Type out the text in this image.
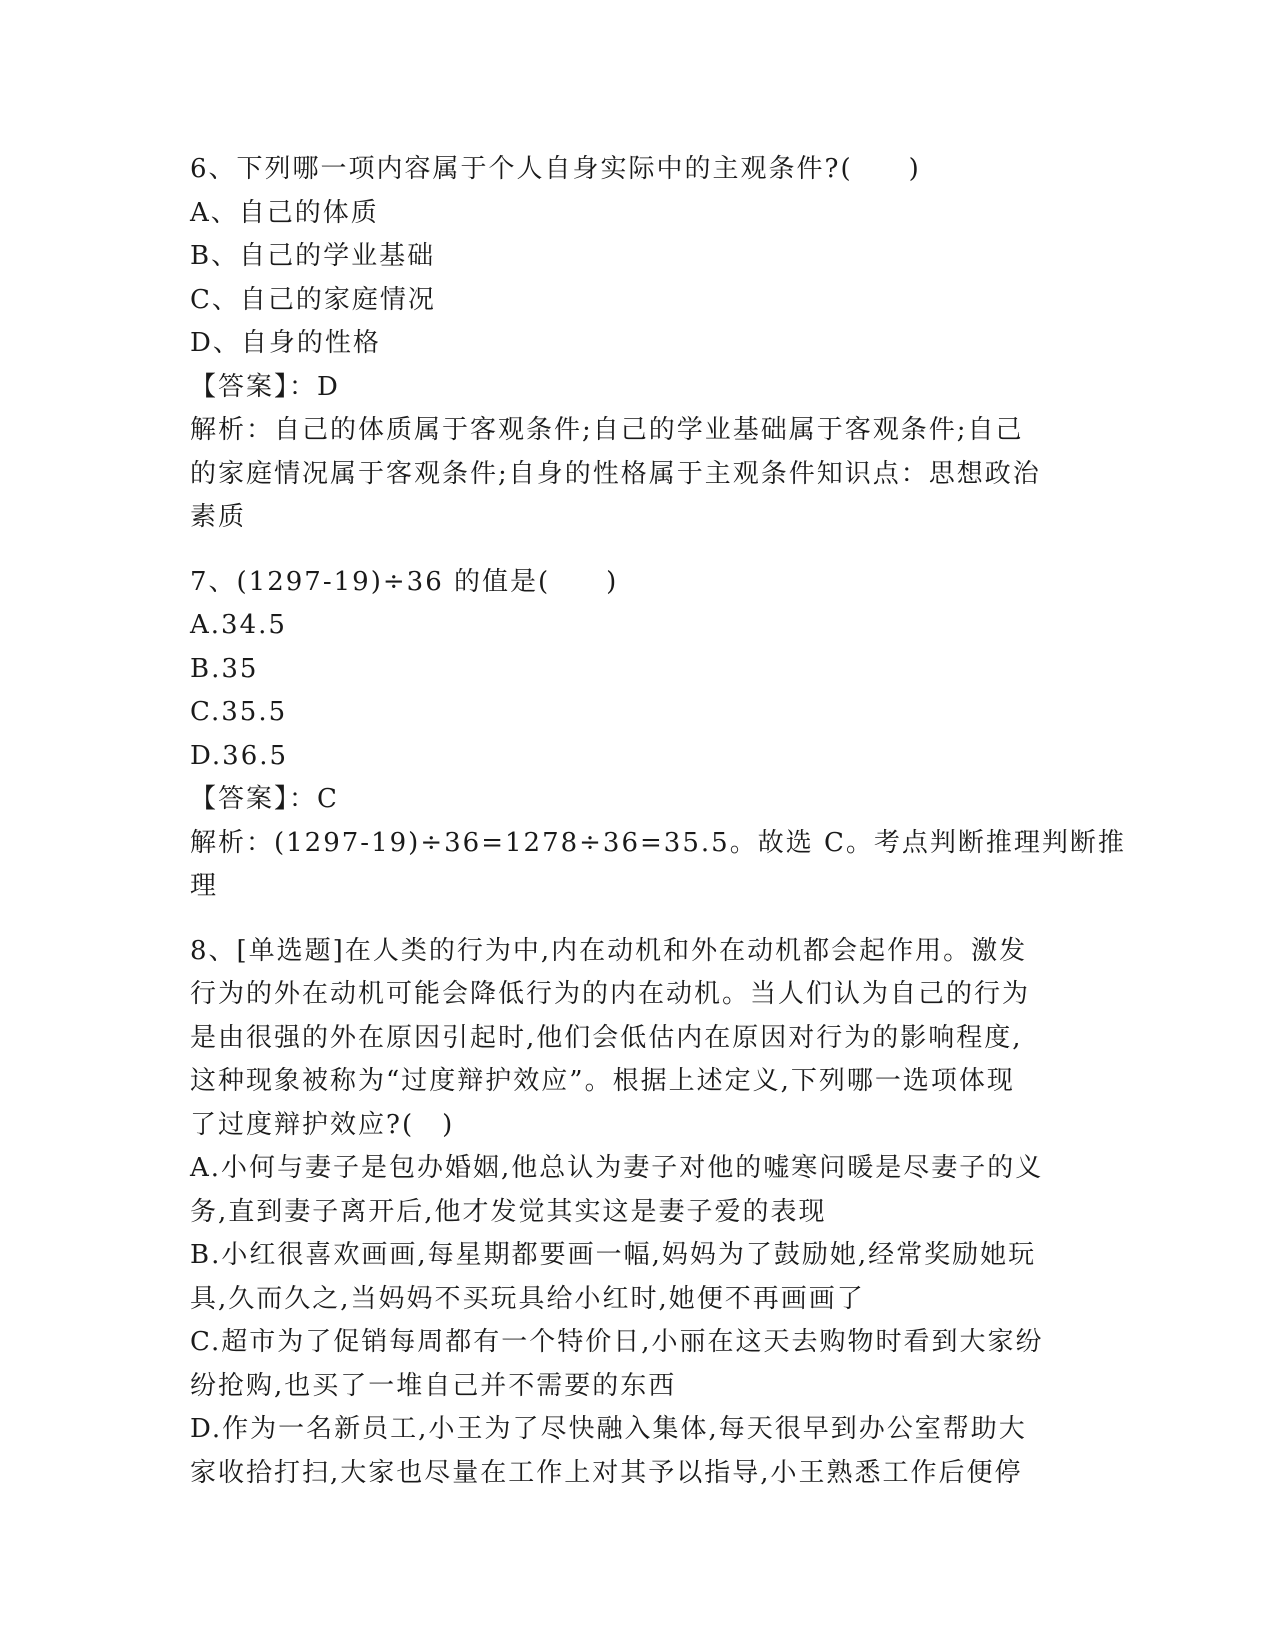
6、下列哪一项内容属于个人自身实际中的主观条件?(　　)
A、自己的体质
B、自己的学业基础
C、自己的家庭情况
D、自身的性格
【答案】：D
解析：自己的体质属于客观条件;自己的学业基础属于客观条件;自己
的家庭情况属于客观条件;自身的性格属于主观条件知识点：思想政治
素质
7、(1297-19)÷36 的值是(　　)
A.34.5
B.35
C.35.5
D.36.5
【答案】：C
解析：(1297-19)÷36=1278÷36=35.5。故选 C。考点判断推理判断推
理
8、[单选题]在人类的行为中,内在动机和外在动机都会起作用。激发
行为的外在动机可能会降低行为的内在动机。当人们认为自己的行为
是由很强的外在原因引起时,他们会低估内在原因对行为的影响程度,
这种现象被称为“过度辩护效应”。根据上述定义,下列哪一选项体现
了过度辩护效应?(　)
A.小何与妻子是包办婚姻,他总认为妻子对他的嘘寒问暖是尽妻子的义
务,直到妻子离开后,他才发觉其实这是妻子爱的表现
B.小红很喜欢画画,每星期都要画一幅,妈妈为了鼓励她,经常奖励她玩
具,久而久之,当妈妈不买玩具给小红时,她便不再画画了
C.超市为了促销每周都有一个特价日,小丽在这天去购物时看到大家纷
纷抢购,也买了一堆自己并不需要的东西
D.作为一名新员工,小王为了尽快融入集体,每天很早到办公室帮助大
家收拾打扫,大家也尽量在工作上对其予以指导,小王熟悉工作后便停
